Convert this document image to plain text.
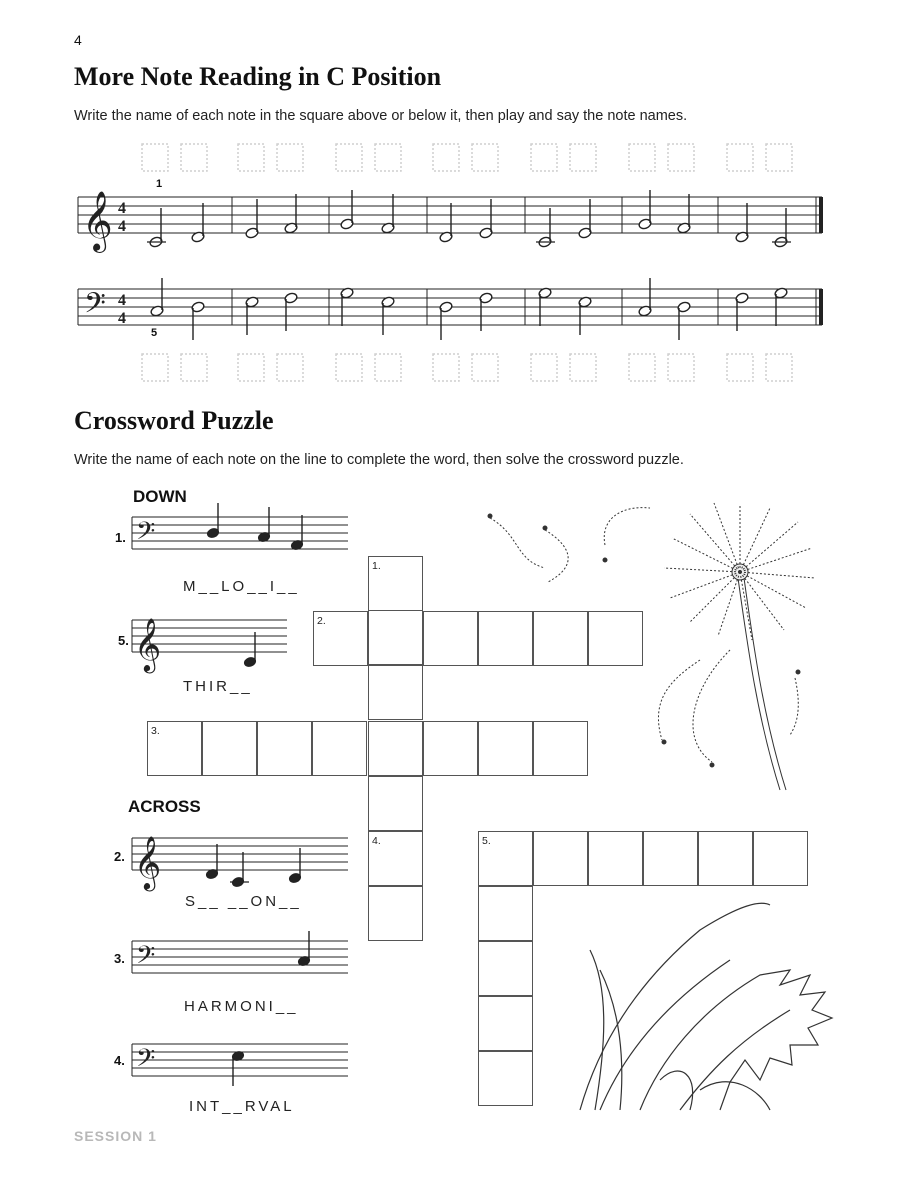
4
More Note Reading in C Position
Write the name of each note in the square above or below it, then play and say the note names.
𝄞 4
4
𝄢 4
4
𝄢
𝄞
𝄞
𝄢
𝄢
Crossword Puzzle
Write the name of each note on the line to complete the word, then solve the crossword puzzle.
DOWN
ACROSS
1.
M__LO__I__
5.
THIR__
2.
S__ __ON__
3.
HARMONI__
4.
INT__RVAL
1.
2.
3.
4.	5.
1
5
SESSION 1
